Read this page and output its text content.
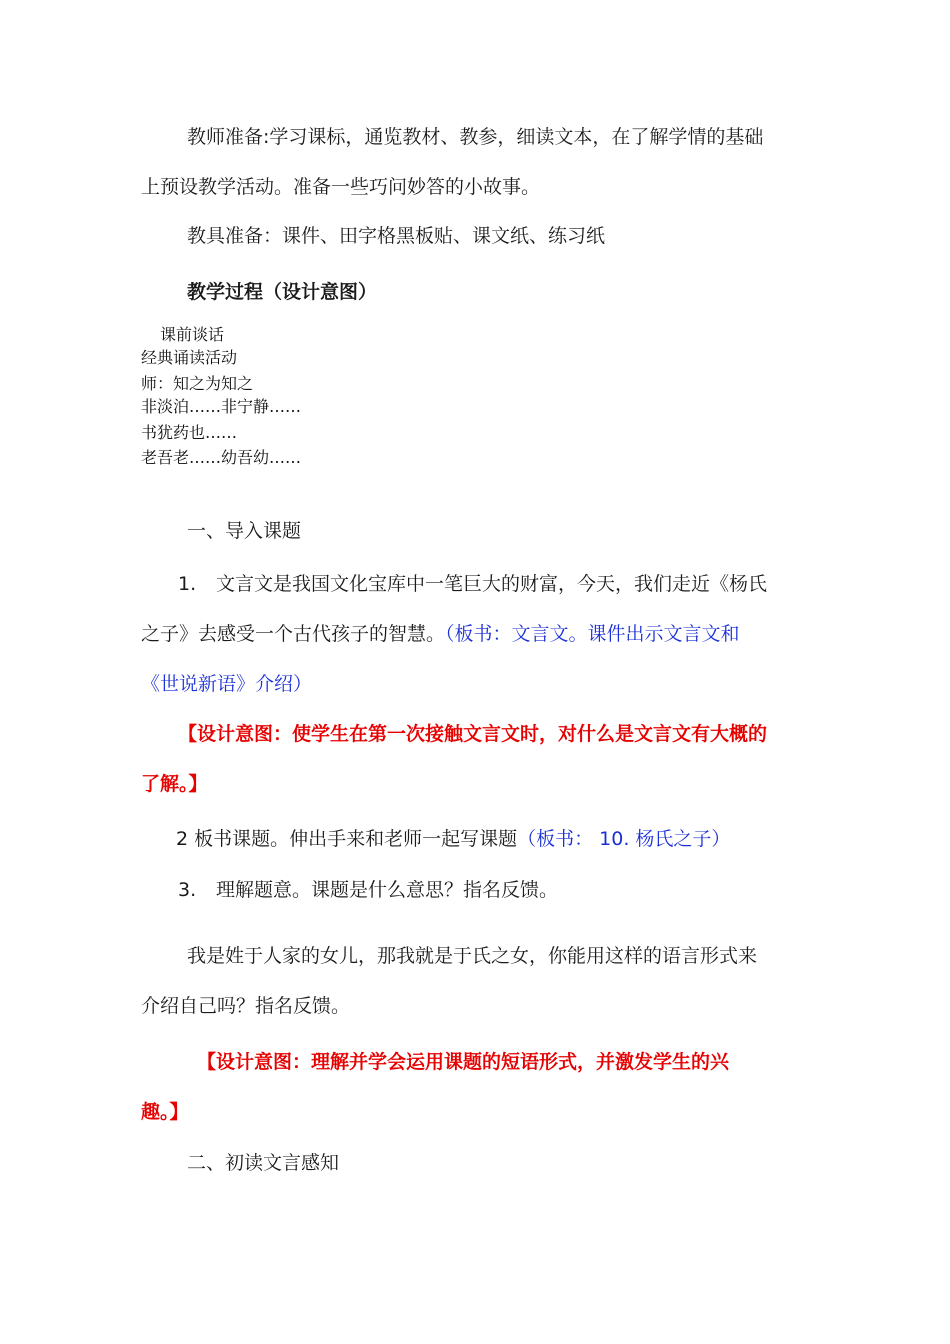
教师准备:学习课标，通览教材、教参，细读文本，在了解学情的基础
上预设教学活动。准备一些巧问妙答的小故事。
教具准备：课件、田字格黑板贴、课文纸、练习纸
教学过程（设计意图）
课前谈话
经典诵读活动
师：知之为知之
非淡泊……非宁静……
书犹药也……
老吾老……幼吾幼……
一、导入课题
1. 文言文是我国文化宝库中一笔巨大的财富，今天，我们走近《杨氏
之子》去感受一个古代孩子的智慧。（板书：文言文。课件出示文言文和
《世说新语》介绍）
【设计意图：使学生在第一次接触文言文时，对什么是文言文有大概的
了解。】
2 板书课题。伸出手来和老师一起写课题（板书： 10. 杨氏之子）
3. 理解题意。课题是什么意思？指名反馈。
我是姓于人家的女儿，那我就是于氏之女，你能用这样的语言形式来
介绍自己吗？指名反馈。
【设计意图：理解并学会运用课题的短语形式，并激发学生的兴
趣。】
二、初读文言感知
